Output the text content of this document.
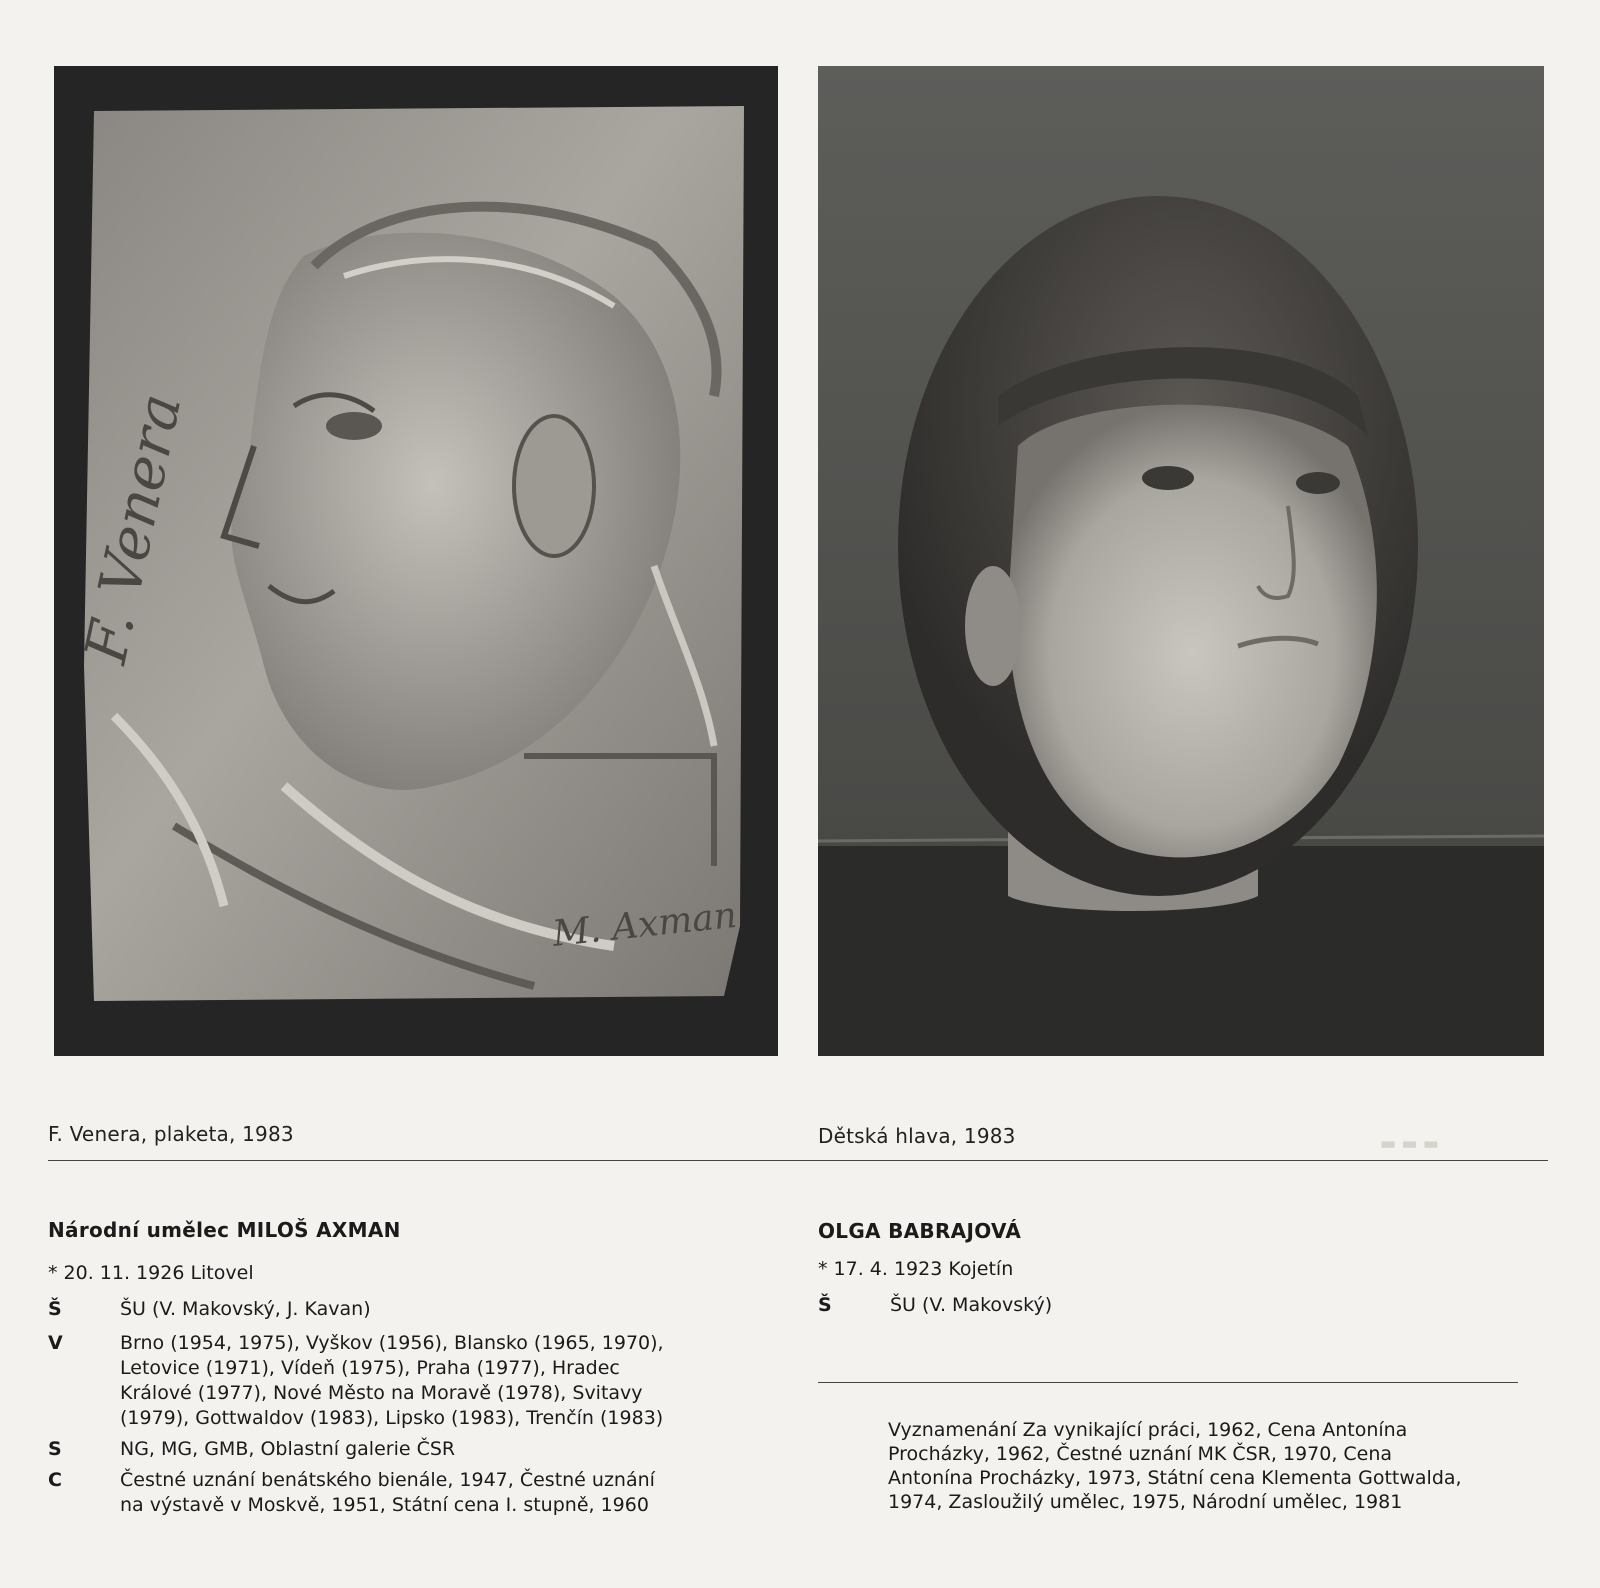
F. Venera
M. Axman
F. Venera, plaketa, 1983	Dětská hlava, 1983	▬ ▬ ▬
Národní umělec MILOŠ AXMAN
* 20. 11. 1926 Litovel
Š	ŠU (V. Makovský, J. Kavan)
V	Brno (1954, 1975), Vyškov (1956), Blansko (1965, 1970),
Letovice (1971), Vídeň (1975), Praha (1977), Hradec
Králové (1977), Nové Město na Moravě (1978), Svitavy
(1979), Gottwaldov (1983), Lipsko (1983), Trenčín (1983)
S	NG, MG, GMB, Oblastní galerie ČSR
C	Čestné uznání benátského bienále, 1947, Čestné uznání
na výstavě v Moskvě, 1951, Státní cena I. stupně, 1960
OLGA BABRAJOVÁ
* 17. 4. 1923 Kojetín
Š	ŠU (V. Makovský)
Vyznamenání Za vynikající práci, 1962, Cena Antonína
Procházky, 1962, Čestné uznání MK ČSR, 1970, Cena
Antonína Procházky, 1973, Státní cena Klementa Gottwalda,
1974, Zasloužilý umělec, 1975, Národní umělec, 1981
